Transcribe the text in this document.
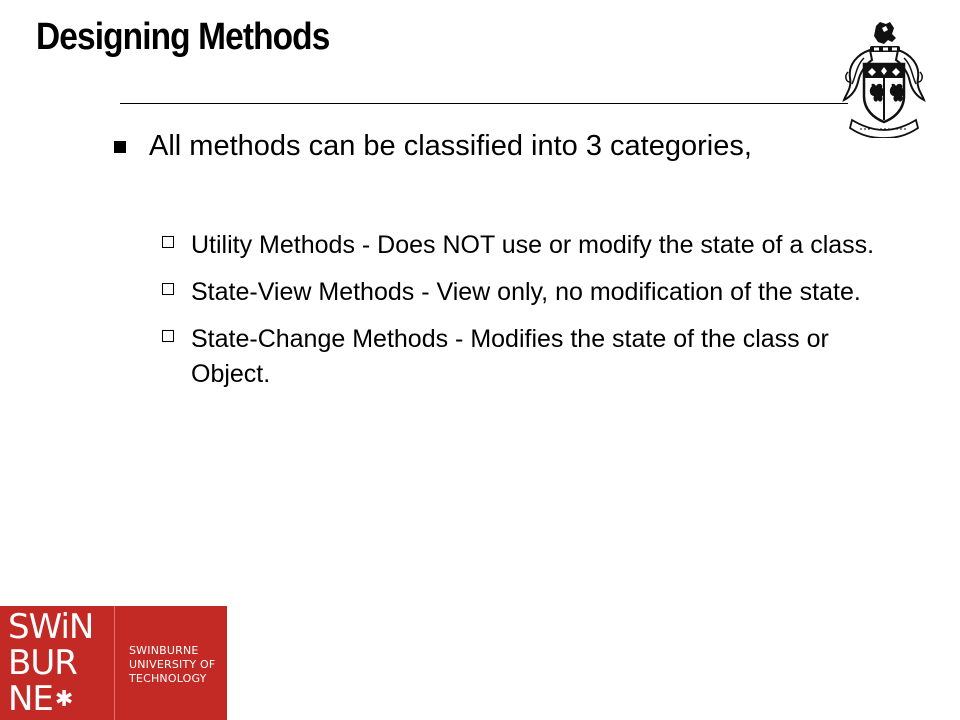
Designing Methods
All methods can be classified into 3 categories,
Utility Methods - Does NOT use or modify the state of a class.
State-View Methods - View only, no modification of the state.
State-Change Methods - Modifies the state of the class or Object.
SWiN
BUR
NE✱
SWINBURNE
UNIVERSITY OF
TECHNOLOGY
